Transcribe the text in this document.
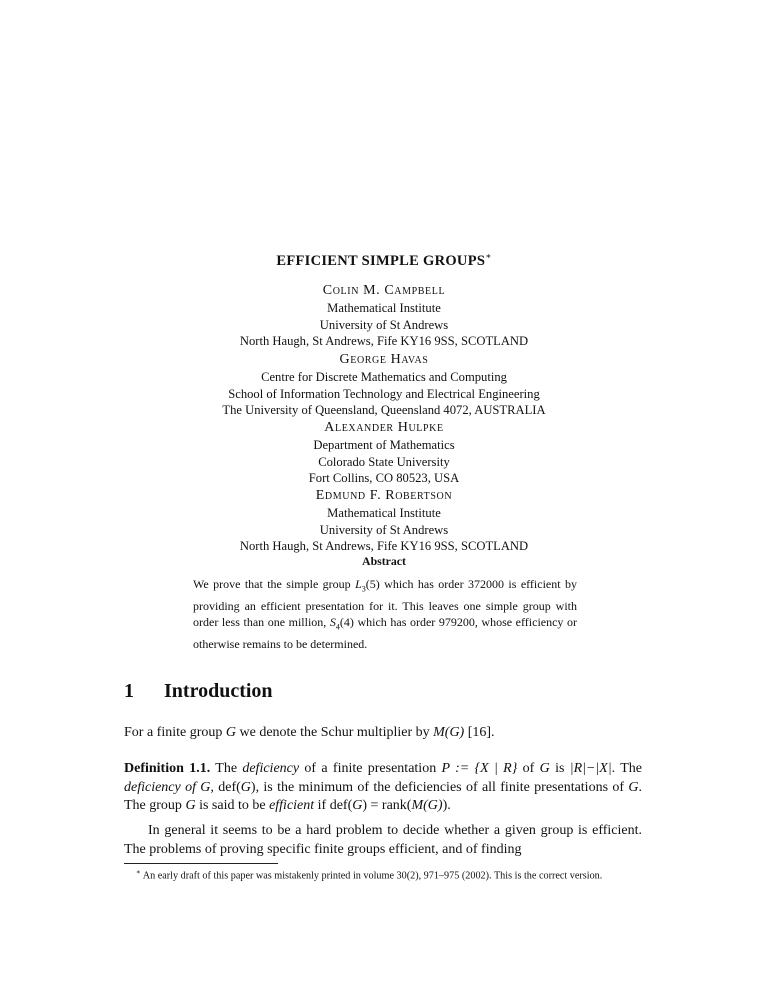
EFFICIENT SIMPLE GROUPS∗
Colin M. Campbell
Mathematical Institute
University of St Andrews
North Haugh, St Andrews, Fife KY16 9SS, SCOTLAND
George Havas
Centre for Discrete Mathematics and Computing
School of Information Technology and Electrical Engineering
The University of Queensland, Queensland 4072, AUSTRALIA
Alexander Hulpke
Department of Mathematics
Colorado State University
Fort Collins, CO 80523, USA
Edmund F. Robertson
Mathematical Institute
University of St Andrews
North Haugh, St Andrews, Fife KY16 9SS, SCOTLAND
Abstract
We prove that the simple group $L_3(5)$ which has order 372000 is efficient by providing an efficient presentation for it. This leaves one simple group with order less than one million, $S_4(4)$ which has order 979200, whose efficiency or otherwise remains to be determined.
1 Introduction
For a finite group G we denote the Schur multiplier by M(G) [16].
Definition 1.1. The deficiency of a finite presentation P := {X | R} of G is |R|−|X|. The deficiency of G, def(G), is the minimum of the deficiencies of all finite presentations of G. The group G is said to be efficient if def(G) = rank(M(G)).
In general it seems to be a hard problem to decide whether a given group is efficient. The problems of proving specific finite groups efficient, and of finding
∗ An early draft of this paper was mistakenly printed in volume 30(2), 971–975 (2002). This is the correct version.
